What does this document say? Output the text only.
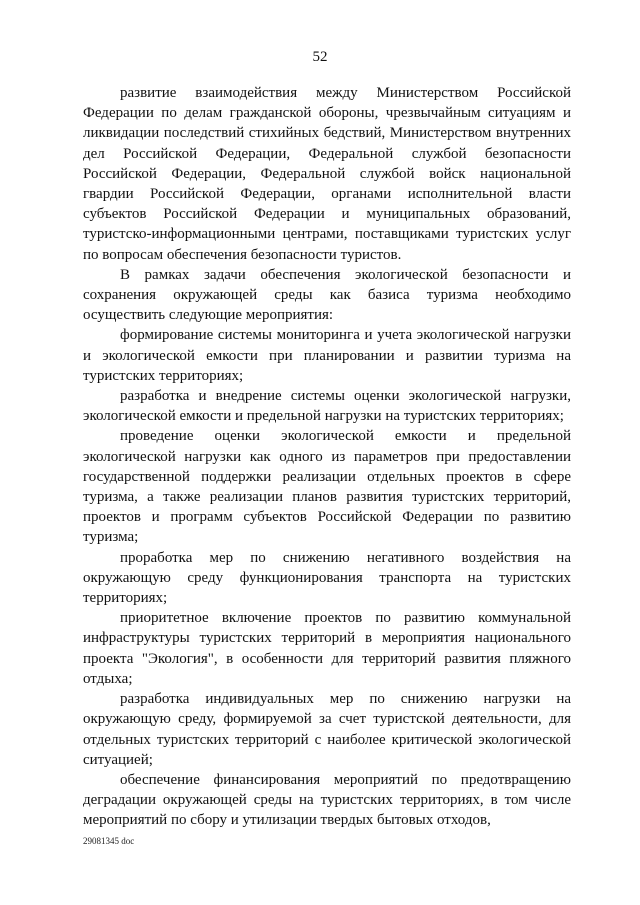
52

развитие взаимодействия между Министерством Российской Федерации по делам гражданской обороны, чрезвычайным ситуациям и ликвидации последствий стихийных бедствий, Министерством внутренних дел Российской Федерации, Федеральной службой безопасности Российской Федерации, Федеральной службой войск национальной гвардии Российской Федерации, органами исполнительной власти субъектов Российской Федерации и муниципальных образований, туристско-информационными центрами, поставщиками туристских услуг по вопросам обеспечения безопасности туристов.

В рамках задачи обеспечения экологической безопасности и сохранения окружающей среды как базиса туризма необходимо осуществить следующие мероприятия:

формирование системы мониторинга и учета экологической нагрузки и экологической емкости при планировании и развитии туризма на туристских территориях;

разработка и внедрение системы оценки экологической нагрузки, экологической емкости и предельной нагрузки на туристских территориях;

проведение оценки экологической емкости и предельной экологической нагрузки как одного из параметров при предоставлении государственной поддержки реализации отдельных проектов в сфере туризма, а также реализации планов развития туристских территорий, проектов и программ субъектов Российской Федерации по развитию туризма;

проработка мер по снижению негативного воздействия на окружающую среду функционирования транспорта на туристских территориях;

приоритетное включение проектов по развитию коммунальной инфраструктуры туристских территорий в мероприятия национального проекта "Экология", в особенности для территорий развития пляжного отдыха;

разработка индивидуальных мер по снижению нагрузки на окружающую среду, формируемой за счет туристской деятельности, для отдельных туристских территорий с наиболее критической экологической ситуацией;

обеспечение финансирования мероприятий по предотвращению деградации окружающей среды на туристских территориях, в том числе мероприятий по сбору и утилизации твердых бытовых отходов,

29081345 doc
